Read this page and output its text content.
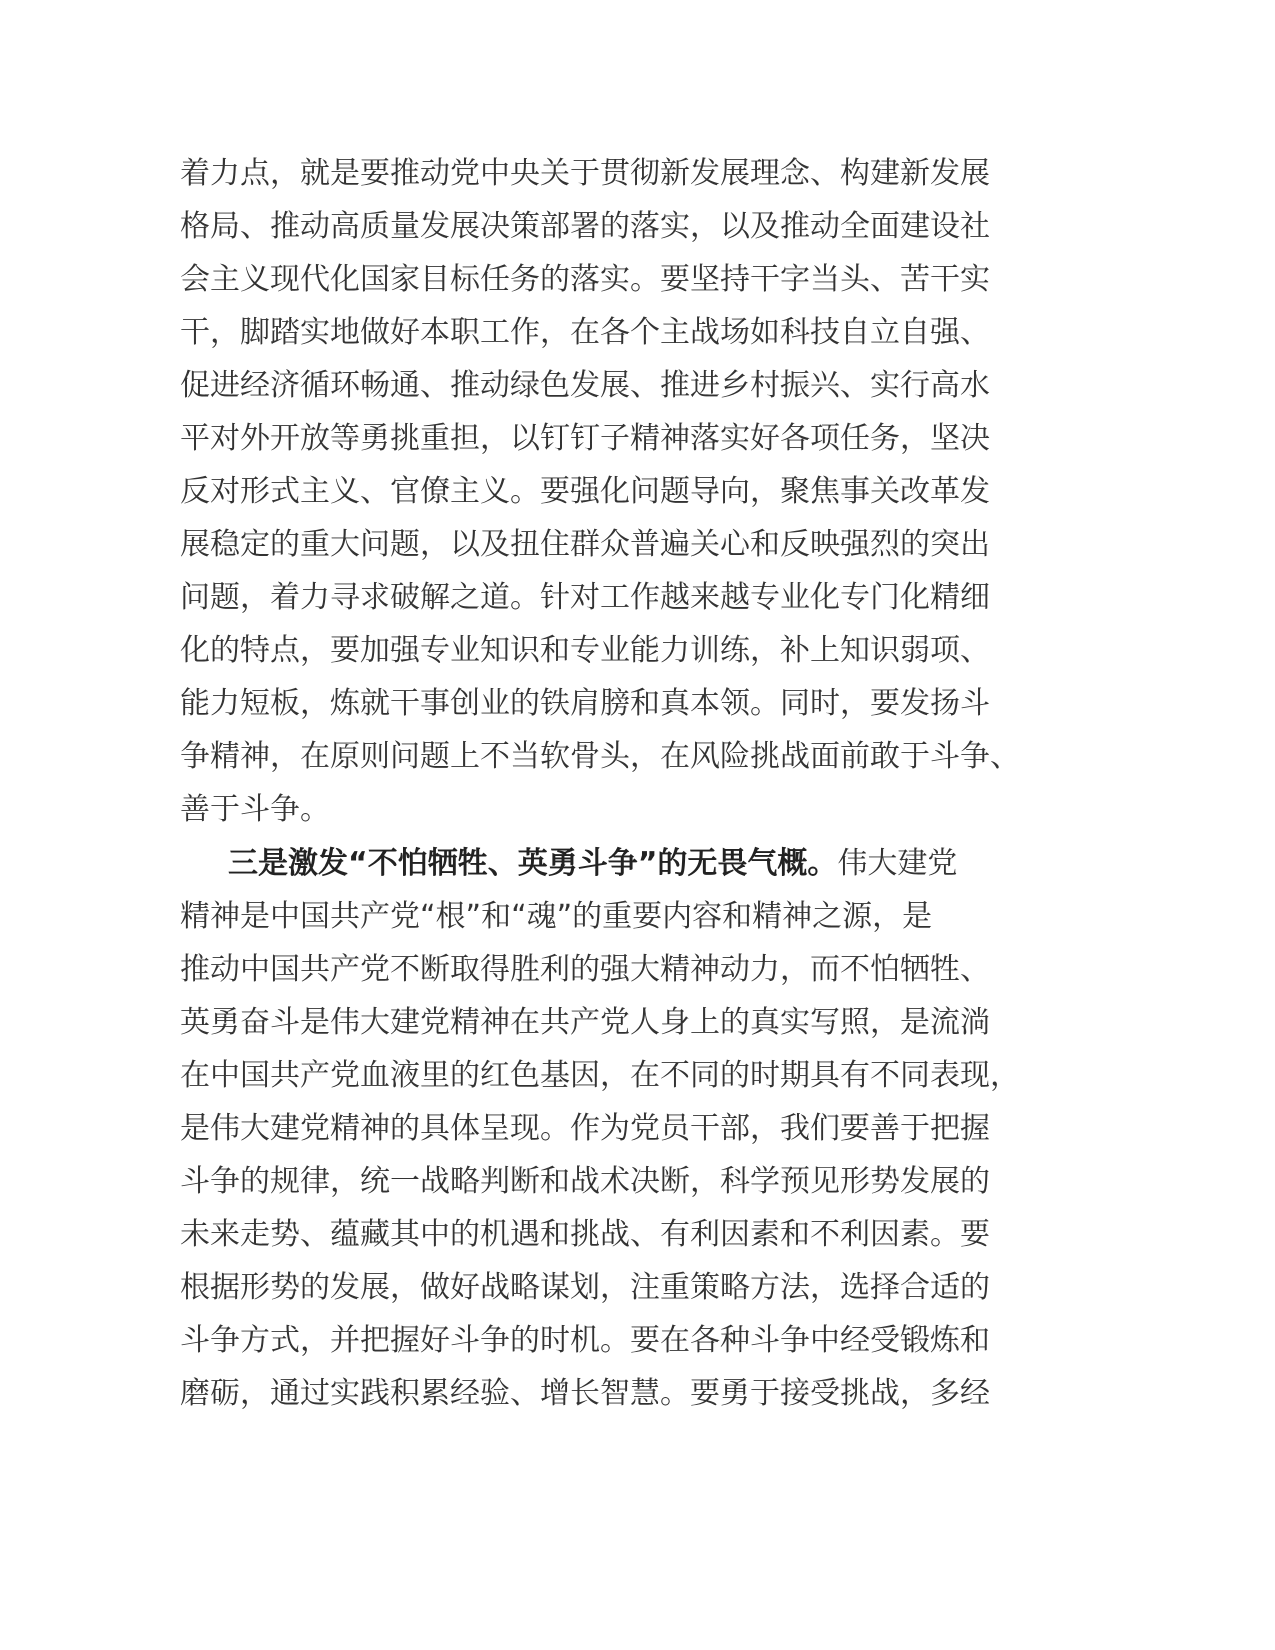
着力点，就是要推动党中央关于贯彻新发展理念、构建新发展
格局、推动高质量发展决策部署的落实，以及推动全面建设社
会主义现代化国家目标任务的落实。要坚持干字当头、苦干实
干，脚踏实地做好本职工作，在各个主战场如科技自立自强、
促进经济循环畅通、推动绿色发展、推进乡村振兴、实行高水
平对外开放等勇挑重担，以钉钉子精神落实好各项任务，坚决
反对形式主义、官僚主义。要强化问题导向，聚焦事关改革发
展稳定的重大问题，以及扭住群众普遍关心和反映强烈的突出
问题，着力寻求破解之道。针对工作越来越专业化专门化精细
化的特点，要加强专业知识和专业能力训练，补上知识弱项、
能力短板，炼就干事创业的铁肩膀和真本领。同时，要发扬斗
争精神，在原则问题上不当软骨头，在风险挑战面前敢于斗争、
善于斗争。
三是激发“不怕牺牲、英勇斗争”的无畏气概。伟大建党
精神是中国共产党“根”和“魂”的重要内容和精神之源，是
推动中国共产党不断取得胜利的强大精神动力，而不怕牺牲、
英勇奋斗是伟大建党精神在共产党人身上的真实写照，是流淌
在中国共产党血液里的红色基因，在不同的时期具有不同表现，
是伟大建党精神的具体呈现。作为党员干部，我们要善于把握
斗争的规律，统一战略判断和战术决断，科学预见形势发展的
未来走势、蕴藏其中的机遇和挑战、有利因素和不利因素。要
根据形势的发展，做好战略谋划，注重策略方法，选择合适的
斗争方式，并把握好斗争的时机。要在各种斗争中经受锻炼和
磨砺，通过实践积累经验、增长智慧。要勇于接受挑战，多经
